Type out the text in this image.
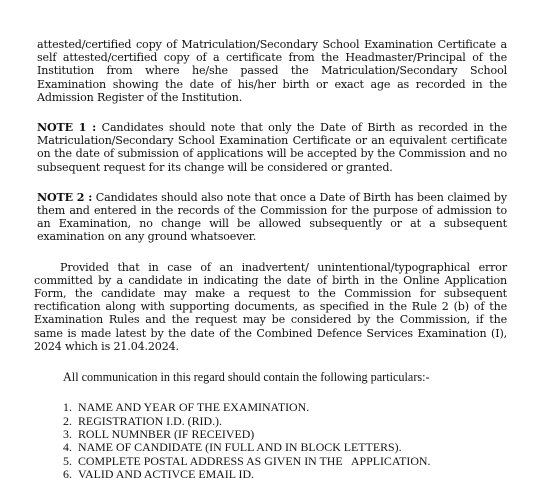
attested/certified copy of Matriculation/Secondary School Examination Certificate a self attested/certified copy of a certificate from the Headmaster/Principal of the Institution from where he/she passed the Matriculation/Secondary School Examination showing the date of his/her birth or exact age as recorded in the Admission Register of the Institution.

NOTE 1 : Candidates should note that only the Date of Birth as recorded in the Matriculation/Secondary School Examination Certificate or an equivalent certificate on the date of submission of applications will be accepted by the Commission and no subsequent request for its change will be considered or granted.

NOTE 2 : Candidates should also note that once a Date of Birth has been claimed by them and entered in the records of the Commission for the purpose of admission to an Examination, no change will be allowed subsequently or at a subsequent examination on any ground whatsoever.

Provided that in case of an inadvertent/ unintentional/typographical error committed by a candidate in indicating the date of birth in the Online Application Form, the candidate may make a request to the Commission for subsequent rectification along with supporting documents, as specified in the Rule 2 (b) of the Examination Rules and the request may be considered by the Commission, if the same is made latest by the date of the Combined Defence Services Examination (I), 2024 which is 21.04.2024.

All communication in this regard should contain the following particulars:-

1. NAME AND YEAR OF THE EXAMINATION.
2. REGISTRATION I.D. (RID.).
3. ROLL NUMNBER (IF RECEIVED)
4. NAME OF CANDIDATE (IN FULL AND IN BLOCK LETTERS).
5. COMPLETE POSTAL ADDRESS AS GIVEN IN THE   APPLICATION.
6. VALID AND ACTIVCE EMAIL ID.
